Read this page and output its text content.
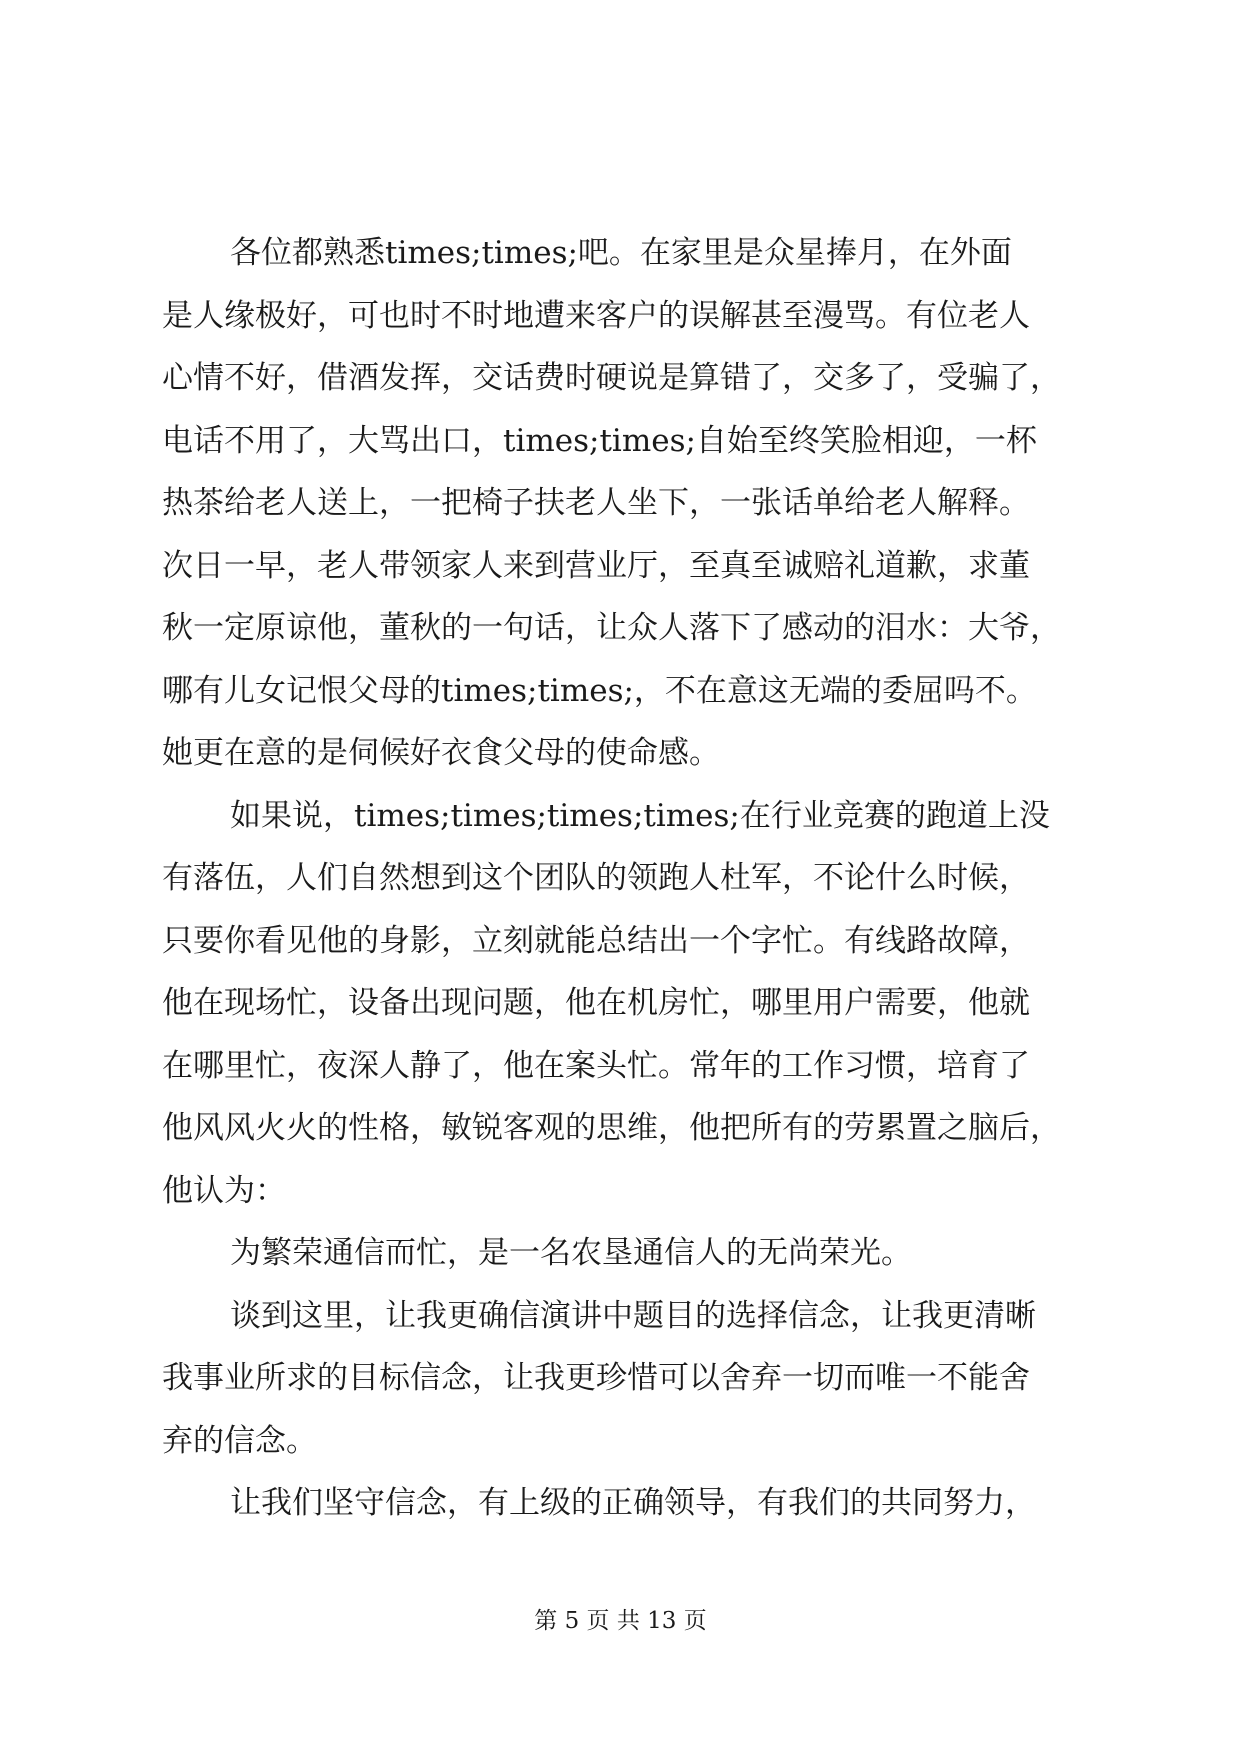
各位都熟悉times;times;吧。在家里是众星捧月，在外面
是人缘极好，可也时不时地遭来客户的误解甚至漫骂。有位老人
心情不好，借酒发挥，交话费时硬说是算错了，交多了，受骗了，
电话不用了，大骂出口，times;times;自始至终笑脸相迎，一杯
热茶给老人送上，一把椅子扶老人坐下，一张话单给老人解释。
次日一早，老人带领家人来到营业厅，至真至诚赔礼道歉，求董
秋一定原谅他，董秋的一句话，让众人落下了感动的泪水：大爷，
哪有儿女记恨父母的times;times;，不在意这无端的委屈吗不。
她更在意的是伺候好衣食父母的使命感。
如果说，times;times;times;times;在行业竞赛的跑道上没
有落伍，人们自然想到这个团队的领跑人杜军，不论什么时候，
只要你看见他的身影，立刻就能总结出一个字忙。有线路故障，
他在现场忙，设备出现问题，他在机房忙，哪里用户需要，他就
在哪里忙，夜深人静了，他在案头忙。常年的工作习惯，培育了
他风风火火的性格，敏锐客观的思维，他把所有的劳累置之脑后，
他认为：
为繁荣通信而忙，是一名农垦通信人的无尚荣光。
谈到这里，让我更确信演讲中题目的选择信念，让我更清晰
我事业所求的目标信念，让我更珍惜可以舍弃一切而唯一不能舍
弃的信念。
让我们坚守信念，有上级的正确领导，有我们的共同努力，
第 5 页 共 13 页
